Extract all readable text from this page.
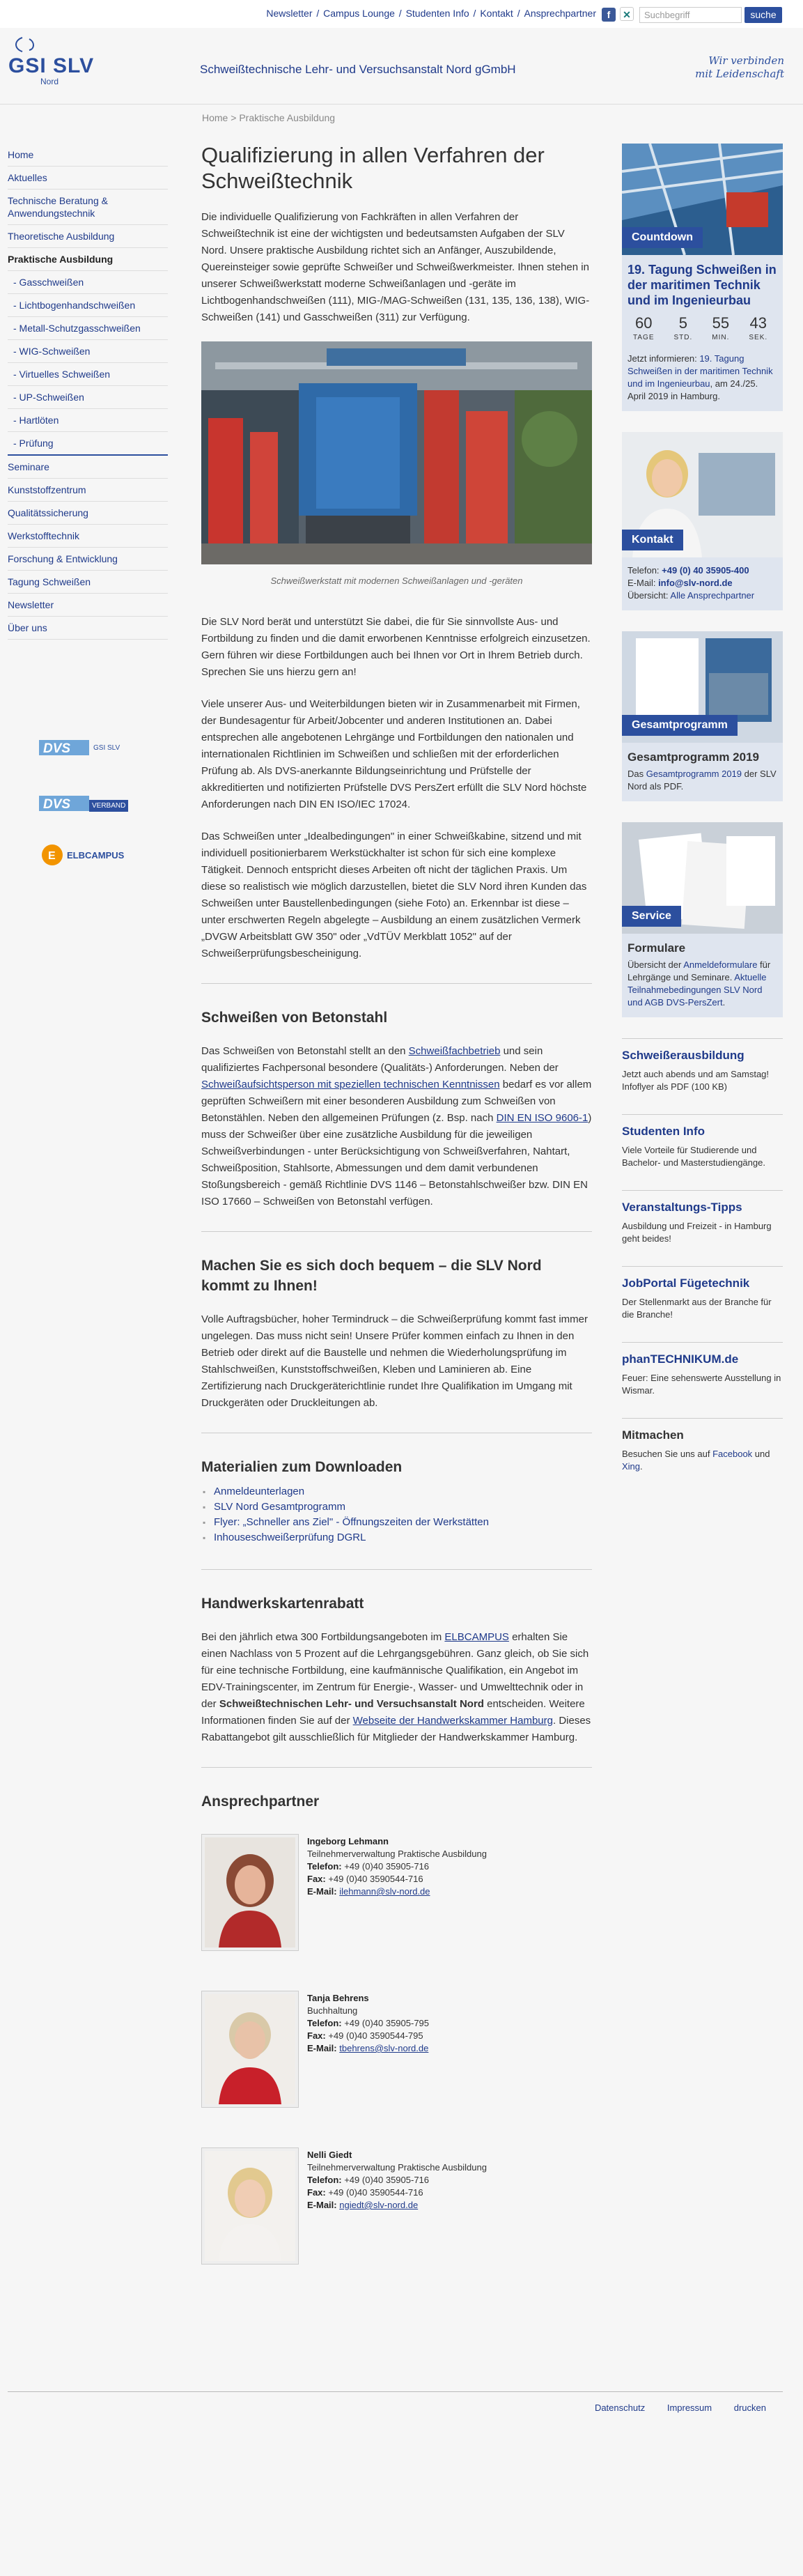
Newsletter / Campus Lounge / Studenten Info / Kontakt / Ansprechpartner	f ✕	Suchbegriff	suche
GSI SLV
Nord
Schweißtechnische Lehr- und Versuchsanstalt Nord gGmbH
Wir verbinden
mit Leidenschaft
Home > Praktische Ausbildung
Home
Aktuelles
Technische Beratung & Anwendungstechnik
Theoretische Ausbildung
Praktische Ausbildung
- Gasschweißen
- Lichtbogenhandschweißen
- Metall-Schutzgasschweißen
- WIG-Schweißen
- Virtuelles Schweißen
- UP-Schweißen
- Hartlöten
- Prüfung
Seminare
Kunststoffzentrum
Qualitätssicherung
Werkstofftechnik
Forschung & Entwicklung
Tagung Schweißen
Newsletter
Über uns
DVS	GSI SLV
DVS	VERBAND
E ELBCAMPUS
Qualifizierung in allen Verfahren der Schweißtechnik
Die individuelle Qualifizierung von Fachkräften in allen Verfahren der Schweißtechnik ist eine der wichtigsten und bedeutsamsten Aufgaben der SLV Nord. Unsere praktische Ausbildung richtet sich an Anfänger, Auszubildende, Quereinsteiger sowie geprüfte Schweißer und Schweißwerkmeister. Ihnen stehen in unserer Schweißwerkstatt moderne Schweißanlagen und -geräte im Lichtbogenhandschweißen (111), MIG-/MAG-Schweißen (131, 135, 136, 138), WIG-Schweißen (141) und Gasschweißen (311) zur Verfügung.
Schweißwerkstatt mit modernen Schweißanlagen und -geräten
Die SLV Nord berät und unterstützt Sie dabei, die für Sie sinnvollste Aus- und Fortbildung zu finden und die damit erworbenen Kenntnisse erfolgreich einzusetzen. Gern führen wir diese Fortbildungen auch bei Ihnen vor Ort in Ihrem Betrieb durch. Sprechen Sie uns hierzu gern an!
Viele unserer Aus- und Weiterbildungen bieten wir in Zusammenarbeit mit Firmen, der Bundesagentur für Arbeit/Jobcenter und anderen Institutionen an. Dabei entsprechen alle angebotenen Lehrgänge und Fortbildungen den nationalen und internationalen Richtlinien im Schweißen und schließen mit der erforderlichen Prüfung ab. Als DVS-anerkannte Bildungseinrichtung und Prüfstelle der akkreditierten und notifizierten Prüfstelle DVS PersZert erfüllt die SLV Nord höchste Anforderungen nach DIN EN ISO/IEC 17024.
Das Schweißen unter „Idealbedingungen" in einer Schweißkabine, sitzend und mit individuell positionierbarem Werkstückhalter ist schon für sich eine komplexe Tätigkeit. Dennoch entspricht dieses Arbeiten oft nicht der täglichen Praxis. Um diese so realistisch wie möglich darzustellen, bietet die SLV Nord ihren Kunden das Schweißen unter Baustellenbedingungen (siehe Foto) an. Erkennbar ist diese – unter erschwerten Regeln abgelegte – Ausbildung an einem zusätzlichen Vermerk „DVGW Arbeitsblatt GW 350" oder „VdTÜV Merkblatt 1052" auf der Schweißerprüfungsbescheinigung.
Schweißen von Betonstahl
Das Schweißen von Betonstahl stellt an den Schweißfachbetrieb und sein qualifiziertes Fachpersonal besondere (Qualitäts-) Anforderungen. Neben der Schweißaufsichtsperson mit speziellen technischen Kenntnissen bedarf es vor allem geprüften Schweißern mit einer besonderen Ausbildung zum Schweißen von Betonstählen. Neben den allgemeinen Prüfungen (z. Bsp. nach DIN EN ISO 9606-1) muss der Schweißer über eine zusätzliche Ausbildung für die jeweiligen Schweißverbindungen - unter Berücksichtigung von Schweißverfahren, Nahtart, Schweißposition, Stahlsorte, Abmessungen und dem damit verbundenen Stoßungsbereich - gemäß Richtlinie DVS 1146 – Betonstahlschweißer bzw. DIN EN ISO 17660 – Schweißen von Betonstahl verfügen.
Machen Sie es sich doch bequem – die SLV Nord kommt zu Ihnen!
Volle Auftragsbücher, hoher Termindruck – die Schweißerprüfung kommt fast immer ungelegen. Das muss nicht sein! Unsere Prüfer kommen einfach zu Ihnen in den Betrieb oder direkt auf die Baustelle und nehmen die Wiederholungsprüfung im Stahlschweißen, Kunststoffschweißen, Kleben und Laminieren ab. Eine Zertifizierung nach Druckgeräterichtlinie rundet Ihre Qualifikation im Umgang mit Druckgeräten oder Druckleitungen ab.
Materialien zum Downloaden
▪ Anmeldeunterlagen
▪ SLV Nord Gesamtprogramm
▪ Flyer: „Schneller ans Ziel" - Öffnungszeiten der Werkstätten
▪ Inhouseschweißerprüfung DGRL
Handwerkskartenrabatt
Bei den jährlich etwa 300 Fortbildungsangeboten im ELBCAMPUS erhalten Sie einen Nachlass von 5 Prozent auf die Lehrgangsgebühren. Ganz gleich, ob Sie sich für eine technische Fortbildung, eine kaufmännische Qualifikation, ein Angebot im EDV-Trainingscenter, im Zentrum für Energie-, Wasser- und Umwelttechnik oder in der Schweißtechnischen Lehr- und Versuchsanstalt Nord entscheiden. Weitere Informationen finden Sie auf der Webseite der Handwerkskammer Hamburg. Dieses Rabattangebot gilt ausschließlich für Mitglieder der Handwerkskammer Hamburg.
Ansprechpartner
Ingeborg Lehmann
Teilnehmerverwaltung Praktische Ausbildung
Telefon: +49 (0)40 35905-716
Fax: +49 (0)40 3590544-716
E-Mail: ilehmann@slv-nord.de
Tanja Behrens
Buchhaltung
Telefon: +49 (0)40 35905-795
Fax: +49 (0)40 3590544-795
E-Mail: tbehrens@slv-nord.de
Nelli Giedt
Teilnehmerverwaltung Praktische Ausbildung
Telefon: +49 (0)40 35905-716
Fax: +49 (0)40 3590544-716
E-Mail: ngiedt@slv-nord.de
Countdown
19. Tagung Schweißen in der maritimen Technik und im Ingenieurbau
60
TAGE
5
STD.
55
MIN.
43
SEK.
Jetzt informieren: 19. Tagung Schweißen in der maritimen Technik und im Ingenieurbau, am 24./25. April 2019 in Hamburg.
Kontakt
Telefon: +49 (0) 40 35905-400
E-Mail: info@slv-nord.de
Übersicht: Alle Ansprechpartner
Gesamtprogramm
Gesamtprogramm 2019
Das Gesamtprogramm 2019 der SLV Nord als PDF.
Service
Formulare
Übersicht der Anmeldeformulare für Lehrgänge und Seminare. Aktuelle Teilnahmebedingungen SLV Nord und AGB DVS-PersZert.
Schweißerausbildung
Jetzt auch abends und am Samstag! Infoflyer als PDF (100 KB)
Studenten Info
Viele Vorteile für Studierende und Bachelor- und Masterstudiengänge.
Veranstaltungs-Tipps
Ausbildung und Freizeit - in Hamburg geht beides!
JobPortal Fügetechnik
Der Stellenmarkt aus der Branche für die Branche!
phanTECHNIKUM.de
Feuer: Eine sehenswerte Ausstellung in Wismar.
Mitmachen
Besuchen Sie uns auf Facebook und Xing.
Datenschutz Impressum drucken
